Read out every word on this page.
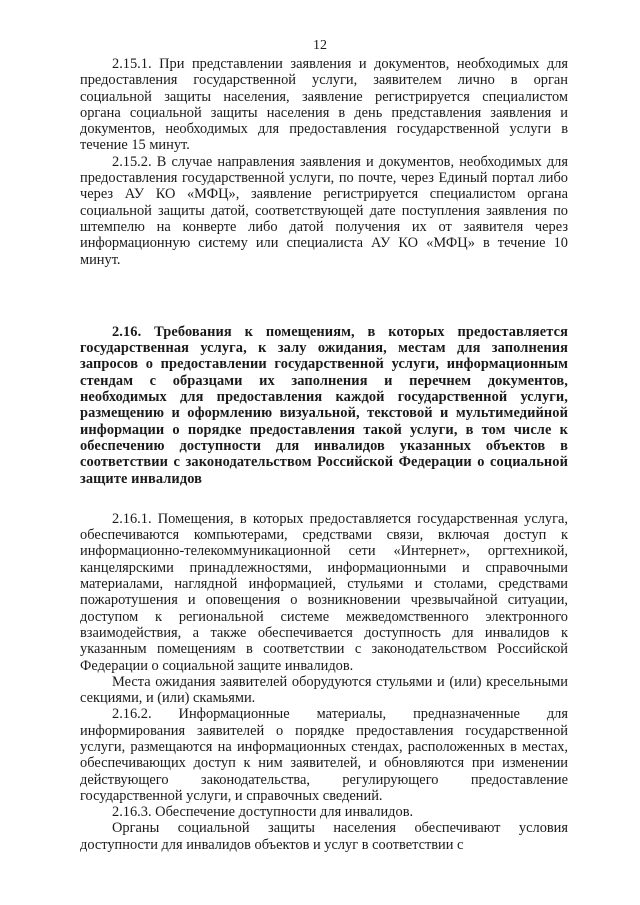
12

2.15.1. При представлении заявления и документов, необходимых для предоставления государственной услуги, заявителем лично в орган социальной защиты населения, заявление регистрируется специалистом органа социальной защиты населения в день представления заявления и документов, необходимых для предоставления государственной услуги в течение 15 минут.

2.15.2. В случае направления заявления и документов, необходимых для предоставления государственной услуги, по почте, через Единый портал либо через АУ КО «МФЦ», заявление регистрируется специалистом органа социальной защиты датой, соответствующей дате поступления заявления по штемпелю на конверте либо датой получения их от заявителя через информационную систему или специалиста АУ КО «МФЦ» в течение 10 минут.

2.16. Требования к помещениям, в которых предоставляется государственная услуга, к залу ожидания, местам для заполнения запросов о предоставлении государственной услуги, информационным стендам с образцами их заполнения и перечнем документов, необходимых для предоставления каждой государственной услуги, размещению и оформлению визуальной, текстовой и мультимедийной информации о порядке предоставления такой услуги, в том числе к обеспечению доступности для инвалидов указанных объектов в соответствии с законодательством Российской Федерации о социальной защите инвалидов

2.16.1. Помещения, в которых предоставляется государственная услуга, обеспечиваются компьютерами, средствами связи, включая доступ к информационно-телекоммуникационной сети «Интернет», оргтехникой, канцелярскими принадлежностями, информационными и справочными материалами, наглядной информацией, стульями и столами, средствами пожаротушения и оповещения о возникновении чрезвычайной ситуации, доступом к региональной системе межведомственного электронного взаимодействия, а также обеспечивается доступность для инвалидов к указанным помещениям в соответствии с законодательством Российской Федерации о социальной защите инвалидов.

Места ожидания заявителей оборудуются стульями и (или) кресельными секциями, и (или) скамьями.

2.16.2. Информационные материалы, предназначенные для информирования заявителей о порядке предоставления государственной услуги, размещаются на информационных стендах, расположенных в местах, обеспечивающих доступ к ним заявителей, и обновляются при изменении действующего законодательства, регулирующего предоставление государственной услуги, и справочных сведений.

2.16.3. Обеспечение доступности для инвалидов.

Органы социальной защиты населения обеспечивают условия доступности для инвалидов объектов и услуг в соответствии с
